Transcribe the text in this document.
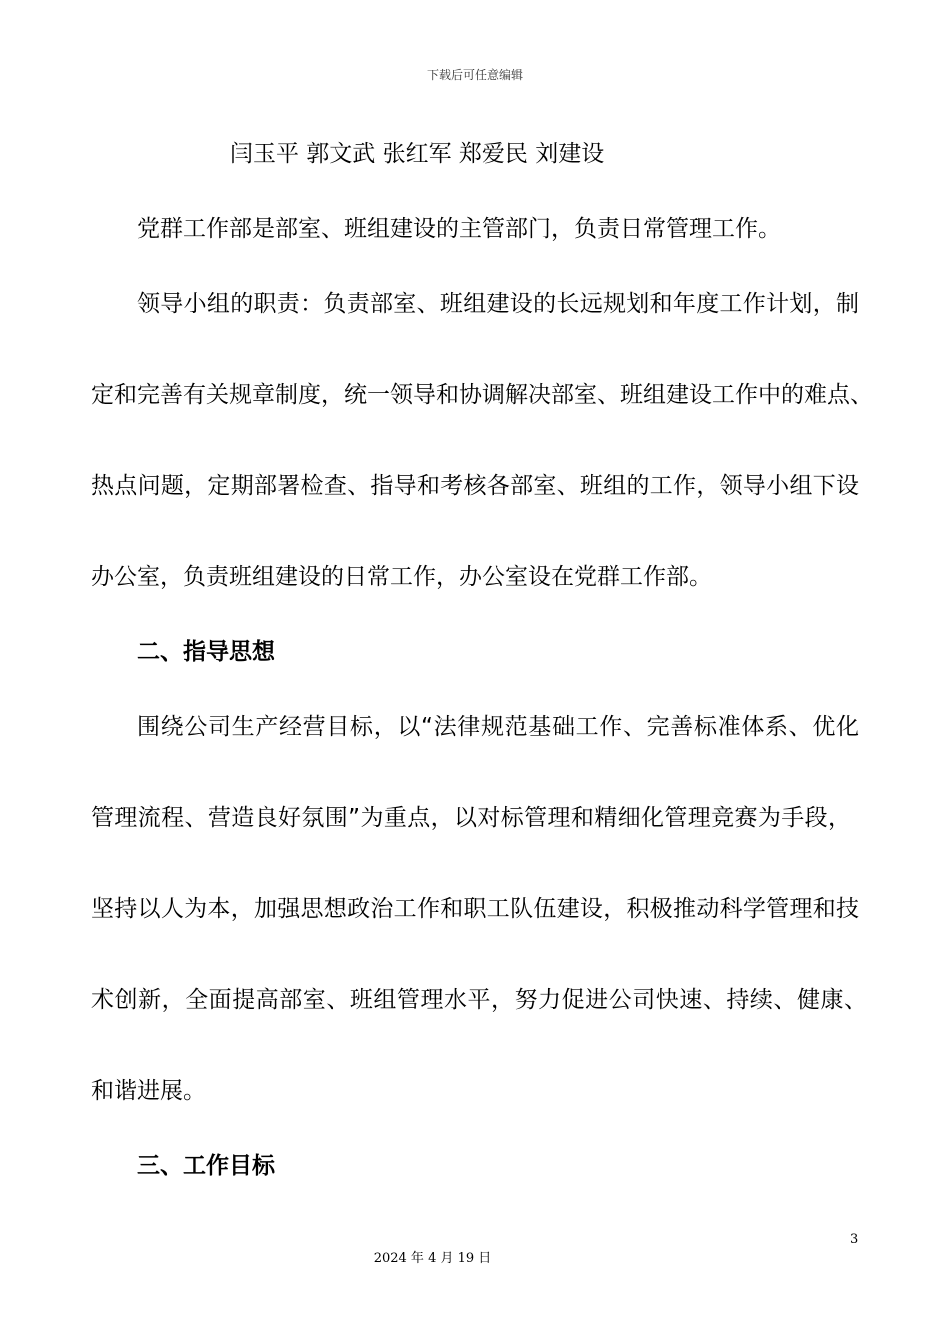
下载后可任意编辑
闫玉平 郭文武 张红军 郑爱民 刘建设
党群工作部是部室、班组建设的主管部门，负责日常管理工作。
领导小组的职责：负责部室、班组建设的长远规划和年度工作计划，制
定和完善有关规章制度，统一领导和协调解决部室、班组建设工作中的难点、
热点问题，定期部署检查、指导和考核各部室、班组的工作，领导小组下设
办公室，负责班组建设的日常工作，办公室设在党群工作部。
二、指导思想
围绕公司生产经营目标，以“法律规范基础工作、完善标准体系、优化
管理流程、营造良好氛围”为重点，以对标管理和精细化管理竞赛为手段，
坚持以人为本，加强思想政治工作和职工队伍建设，积极推动科学管理和技
术创新，全面提高部室、班组管理水平，努力促进公司快速、持续、健康、
和谐进展。
三、工作目标
3
2024 年 4 月 19 日
